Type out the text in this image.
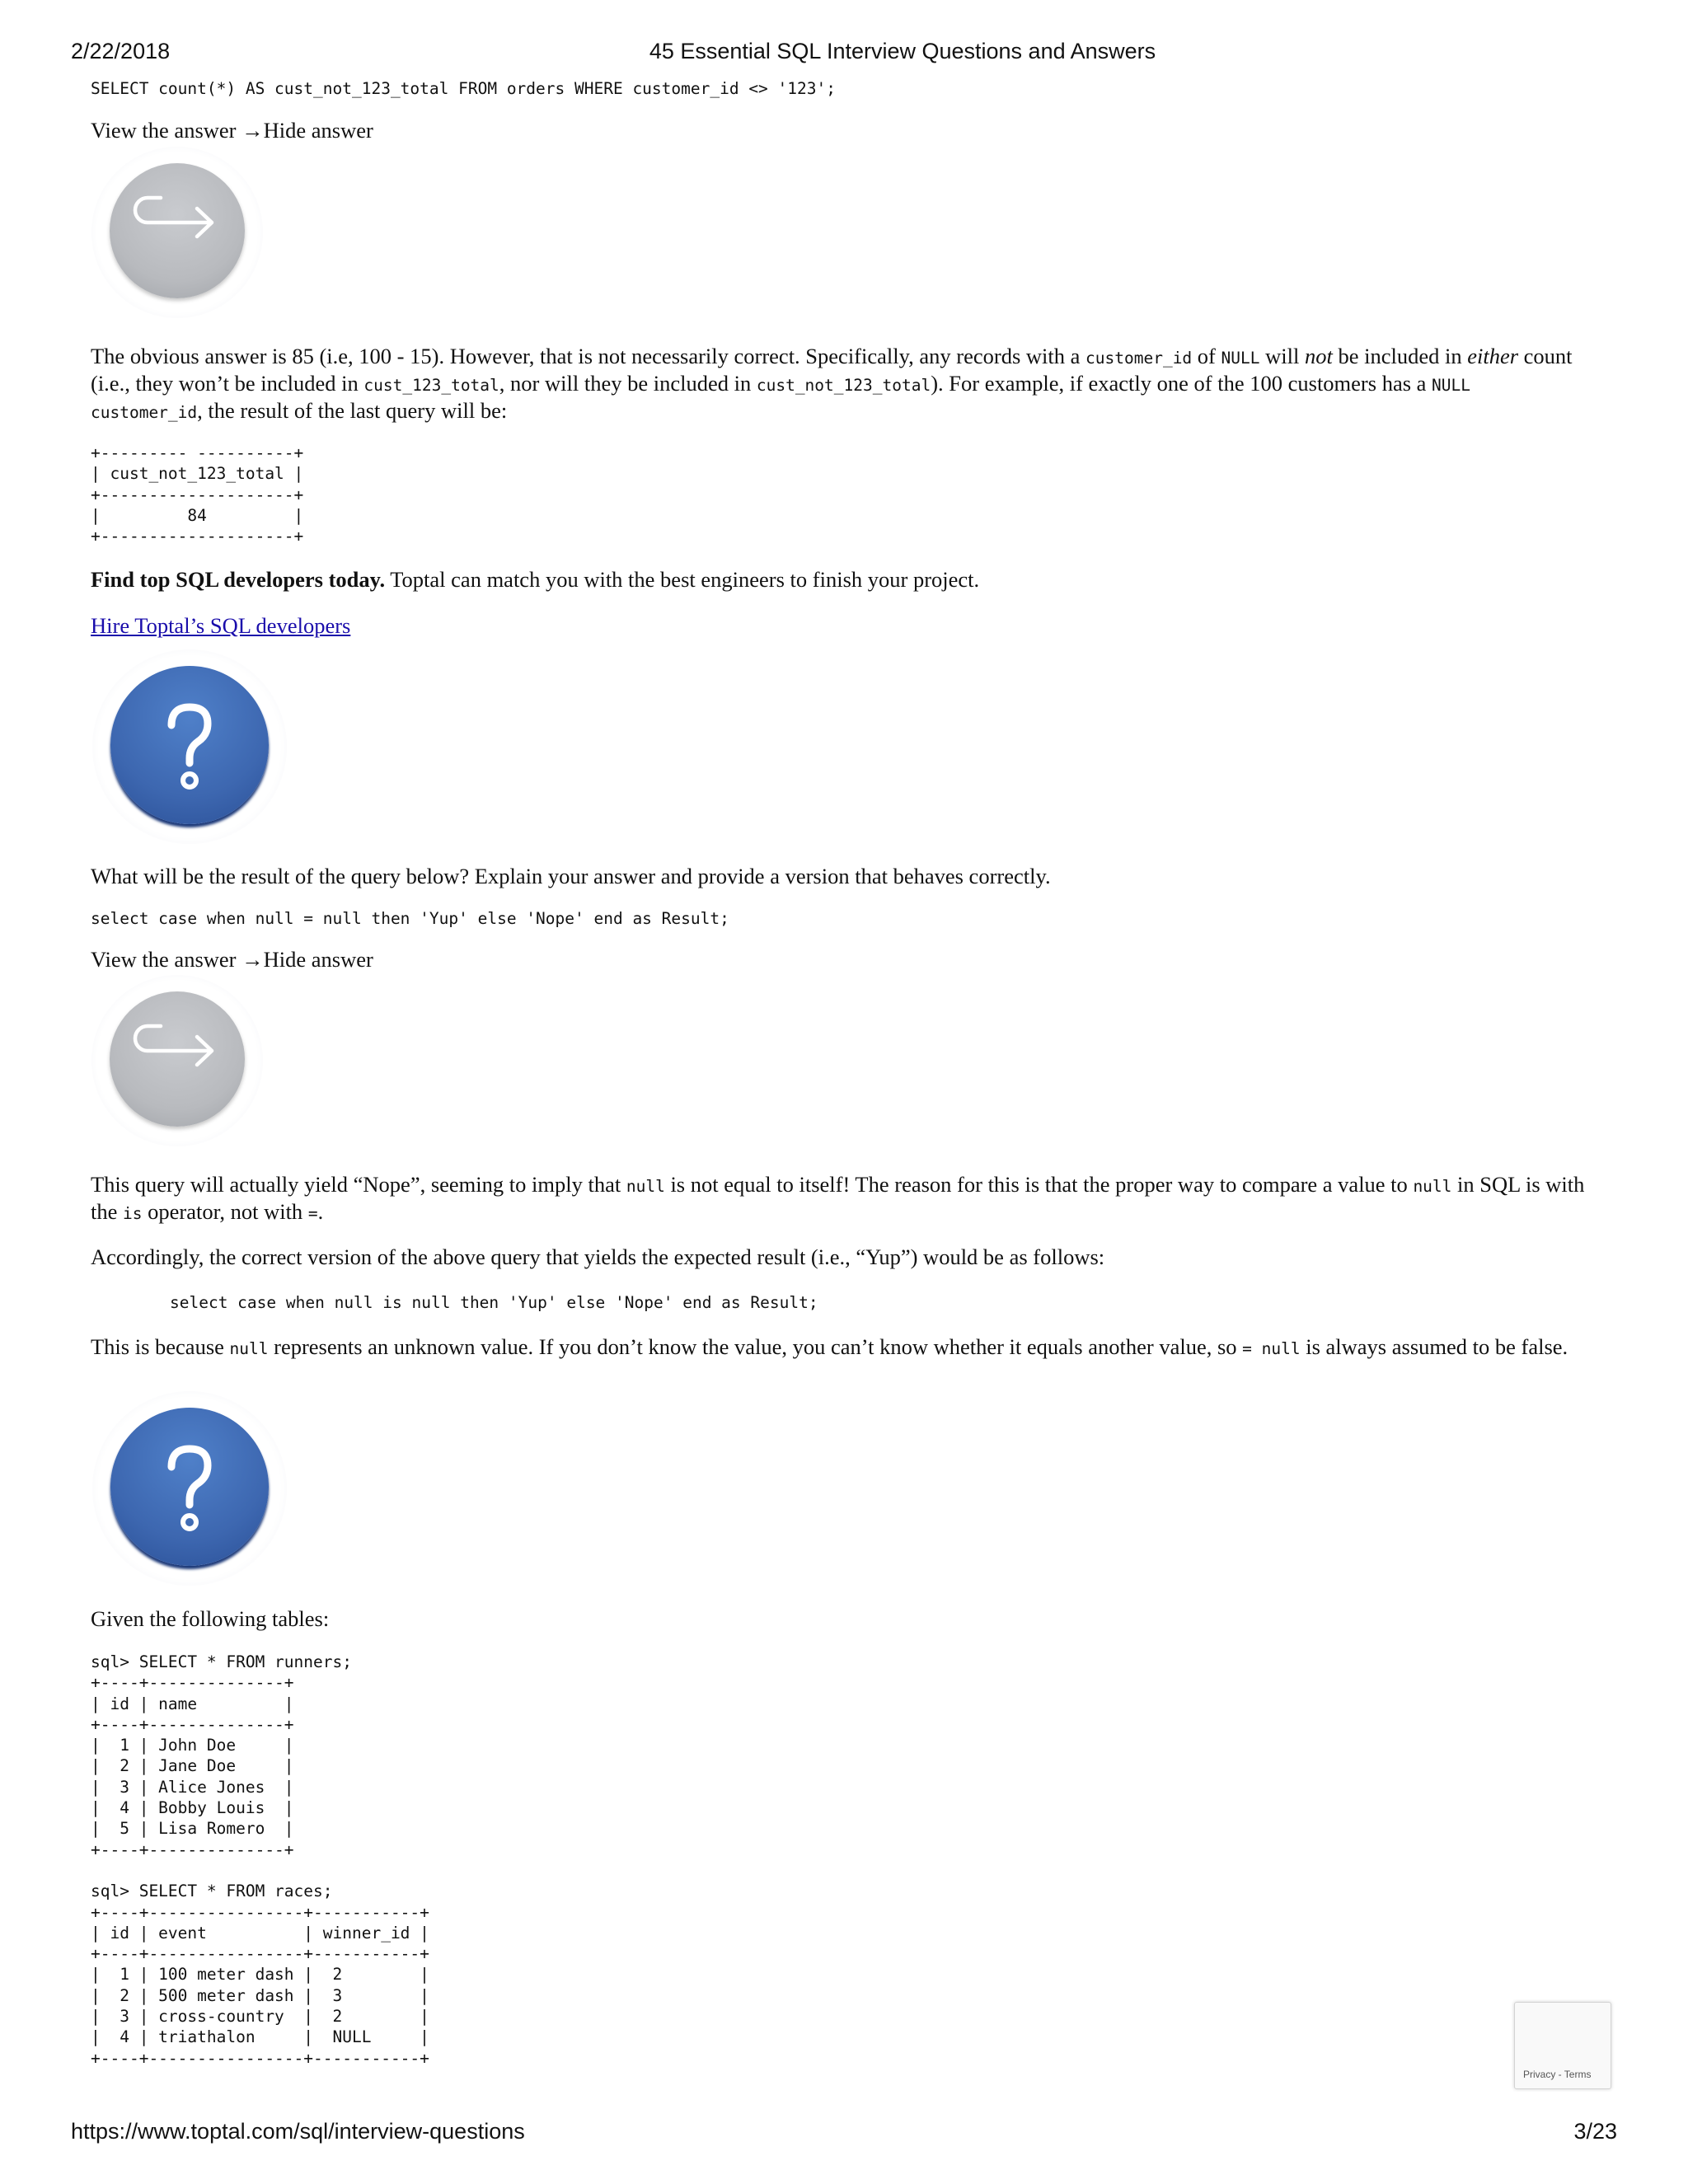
2/22/2018	45 Essential SQL Interview Questions and Answers
SELECT count(*) AS cust_not_123_total FROM orders WHERE customer_id <> '123';
View the answer →Hide answer
The obvious answer is 85 (i.e, 100 - 15). However, that is not necessarily correct. Specifically, any records with a customer_id of NULL will not be included in either count (i.e., they won’t be included in cust_123_total, nor will they be included in cust_not_123_total). For example, if exactly one of the 100 customers has a NULL
customer_id, the result of the last query will be:
+--------- ----------+
| cust_not_123_total |
+--------------------+
|         84         |
+--------------------+
Find top SQL developers today. Toptal can match you with the best engineers to finish your project.
Hire Toptal’s SQL developers
What will be the result of the query below? Explain your answer and provide a version that behaves correctly.
select case when null = null then 'Yup' else 'Nope' end as Result;
View the answer →Hide answer
This query will actually yield “Nope”, seeming to imply that null is not equal to itself! The reason for this is that the proper way to compare a value to null in SQL is with the is operator, not with =.
Accordingly, the correct version of the above query that yields the expected result (i.e., “Yup”) would be as follows:
select case when null is null then 'Yup' else 'Nope' end as Result;
This is because null represents an unknown value. If you don’t know the value, you can’t know whether it equals another value, so = null is always assumed to be false.
Given the following tables:
sql> SELECT * FROM runners;
+----+--------------+
| id | name         |
+----+--------------+
|  1 | John Doe     |
|  2 | Jane Doe     |
|  3 | Alice Jones  |
|  4 | Bobby Louis  |
|  5 | Lisa Romero  |
+----+--------------+

sql> SELECT * FROM races;
+----+----------------+-----------+
| id | event          | winner_id |
+----+----------------+-----------+
|  1 | 100 meter dash |  2        |
|  2 | 500 meter dash |  3        |
|  3 | cross-country  |  2        |
|  4 | triathalon     |  NULL     |
+----+----------------+-----------+
Privacy - Terms
https://www.toptal.com/sql/interview-questions	3/23
